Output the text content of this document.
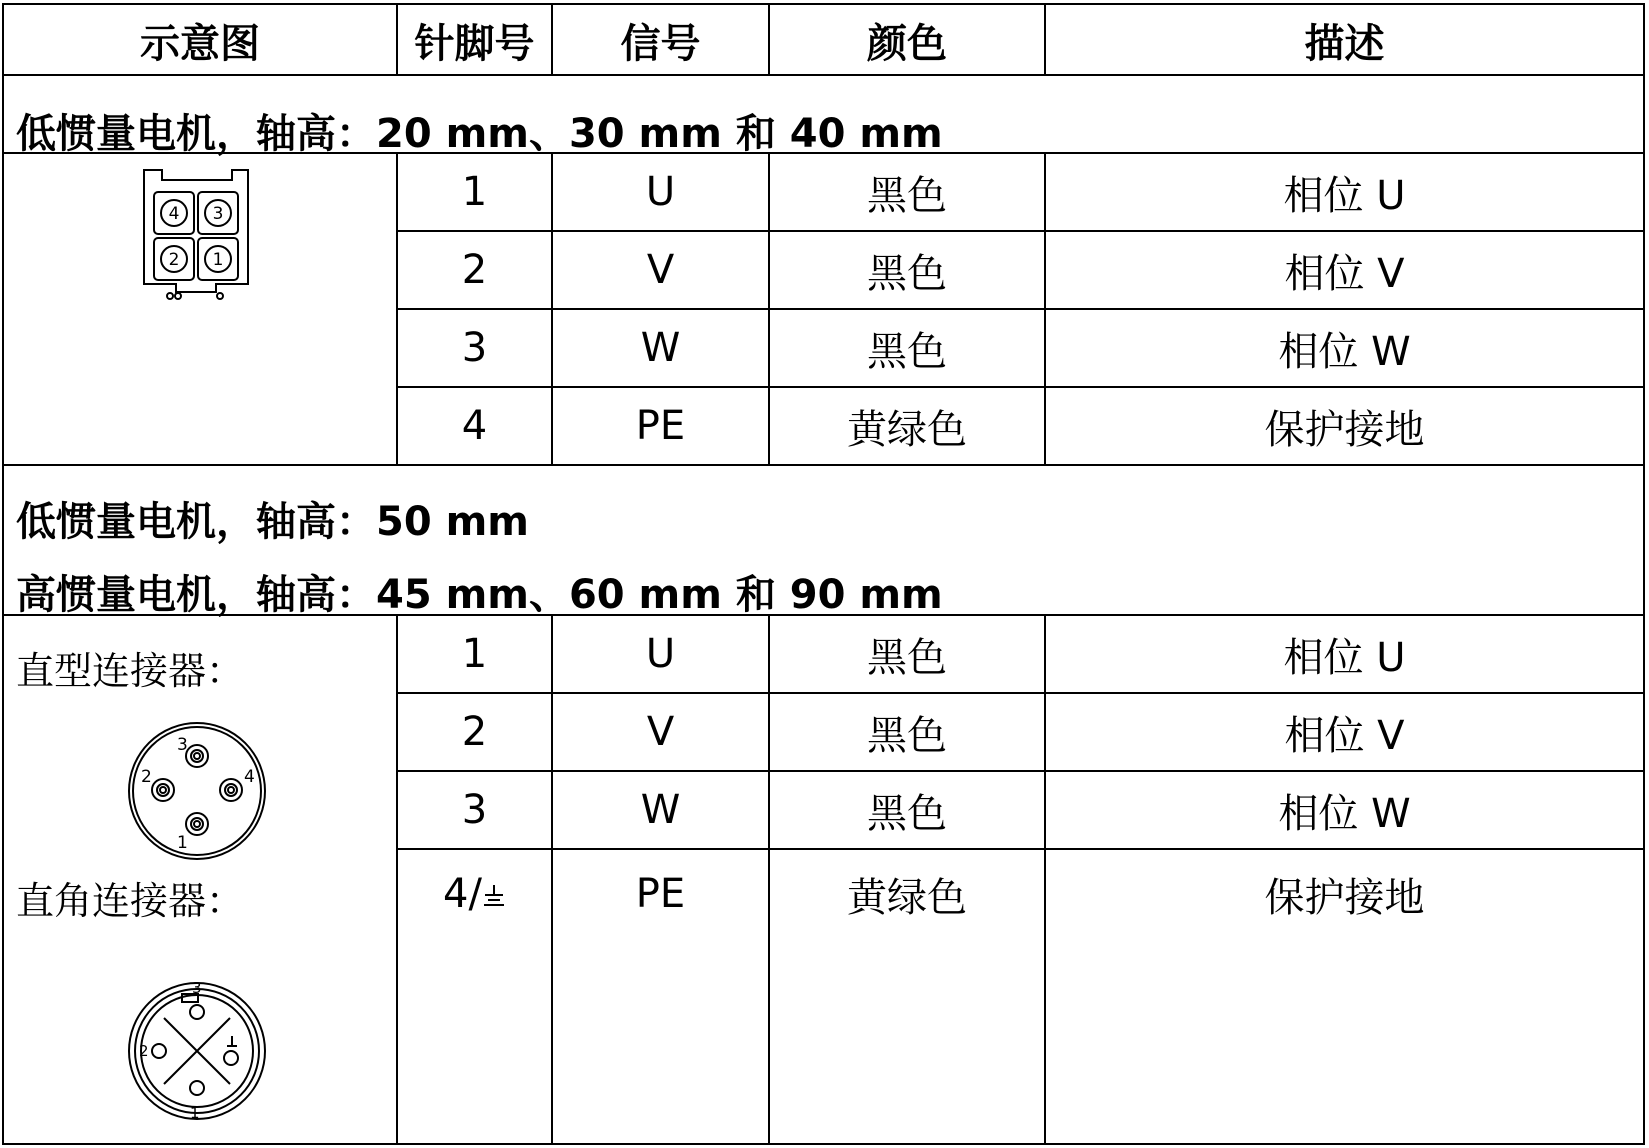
示意图	针脚号	信号	颜色	描述
低惯量电机，轴高：20 mm、30 mm 和 40 mm
1	U	黑色	相位 U
2	V	黑色	相位 V
3	W	黑色	相位 W
4	PE	黄绿色	保护接地
4 3
2 1
低惯量电机，轴高：50 mm
高惯量电机，轴高：45 mm、60 mm 和 90 mm
1	U	黑色	相位 U
2	V	黑色	相位 V
3	W	黑色	相位 W
4/	PE	黄绿色	保护接地
直型连接器：
直角连接器：
3
2	4
1
3
2
1
